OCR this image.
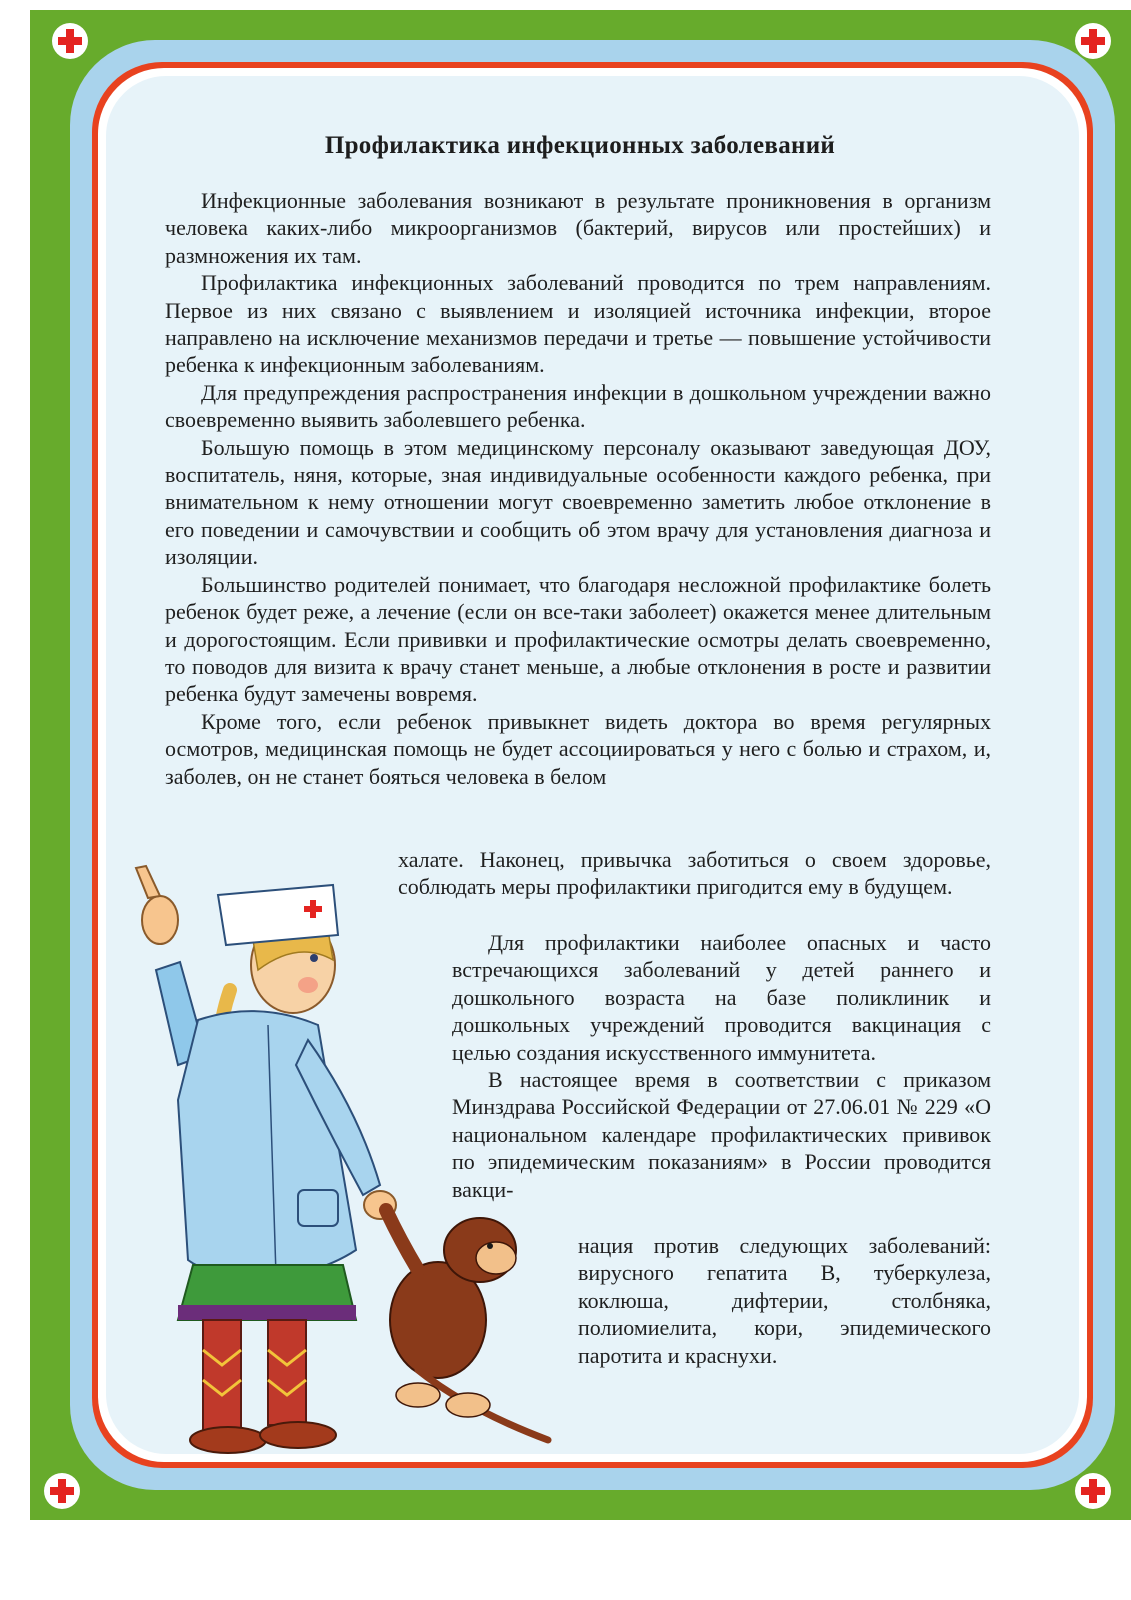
Профилактика инфекционных заболеваний

Инфекционные заболевания возникают в результате проникновения в организм человека каких-либо микроорганизмов (бактерий, вирусов или простейших) и размножения их там.

Профилактика инфекционных заболеваний проводится по трем направлениям. Первое из них связано с выявлением и изоляцией источника инфекции, второе направлено на исключение механизмов передачи и третье — повышение устойчивости ребенка к инфекционным заболеваниям.

Для предупреждения распространения инфекции в дошкольном учреждении важно своевременно выявить заболевшего ребенка.

Большую помощь в этом медицинскому персоналу оказывают заведующая ДОУ, воспитатель, няня, которые, зная индивидуальные особенности каждого ребенка, при внимательном к нему отношении могут своевременно заметить любое отклонение в его поведении и самочувствии и сообщить об этом врачу для установления диагноза и изоляции.

Большинство родителей понимает, что благодаря несложной профилактике болеть ребенок будет реже, а лечение (если он все-таки заболеет) окажется менее длительным и дорогостоящим. Если прививки и профилактические осмотры делать своевременно, то поводов для визита к врачу станет меньше, а любые отклонения в росте и развитии ребенка будут замечены вовремя.

Кроме того, если ребенок привыкнет видеть доктора во время регулярных осмотров, медицинская помощь не будет ассоциироваться у него с болью и страхом, и, заболев, он не станет бояться человека в белом

халате. Наконец, привычка заботиться о своем здоровье, соблюдать меры профилактики пригодится ему в будущем.

Для профилактики наиболее опасных и часто встречающихся заболеваний у детей раннего и дошкольного возраста на базе поликлиник и дошкольных учреждений проводится вакцинация с целью создания искусственного иммунитета.

В настоящее время в соответствии с приказом Минздрава Российской Федерации от 27.06.01 № 229 «О национальном календаре профилактических прививок по эпидемическим показаниям» в России проводится вакци-

нация против следующих заболеваний: вирусного гепатита В, туберкулеза, коклюша, дифтерии, столбняка, полиомиелита, кори, эпидемического паротита и краснухи.
